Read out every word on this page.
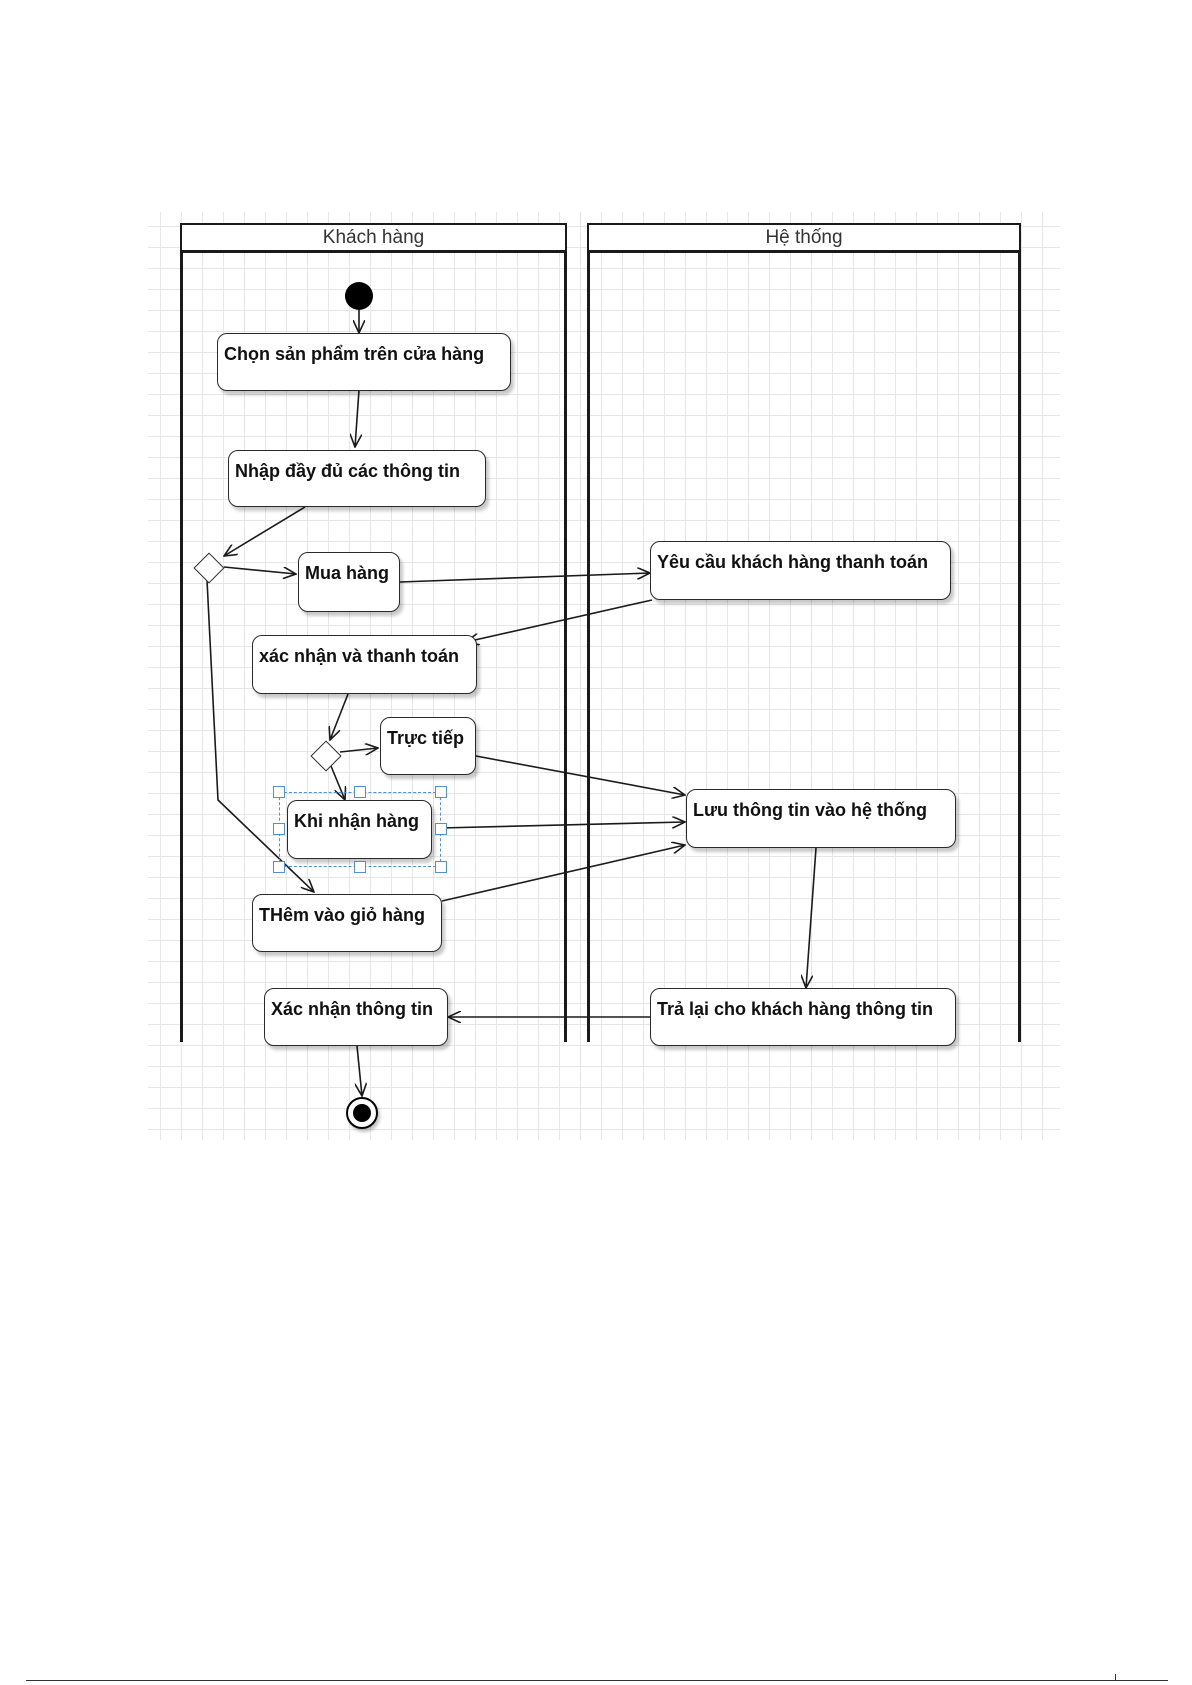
Khách hàng	Hệ thống
Chọn sản phẩm trên cửa hàng
Nhập đầy đủ các thông tin
Mua hàng
xác nhận và thanh toán
Trực tiếp
Khi nhận hàng
THêm vào giỏ hàng
Xác nhận thông tin
Yêu cầu khách hàng thanh toán
Lưu thông tin vào hệ thống
Trả lại cho khách hàng thông tin
